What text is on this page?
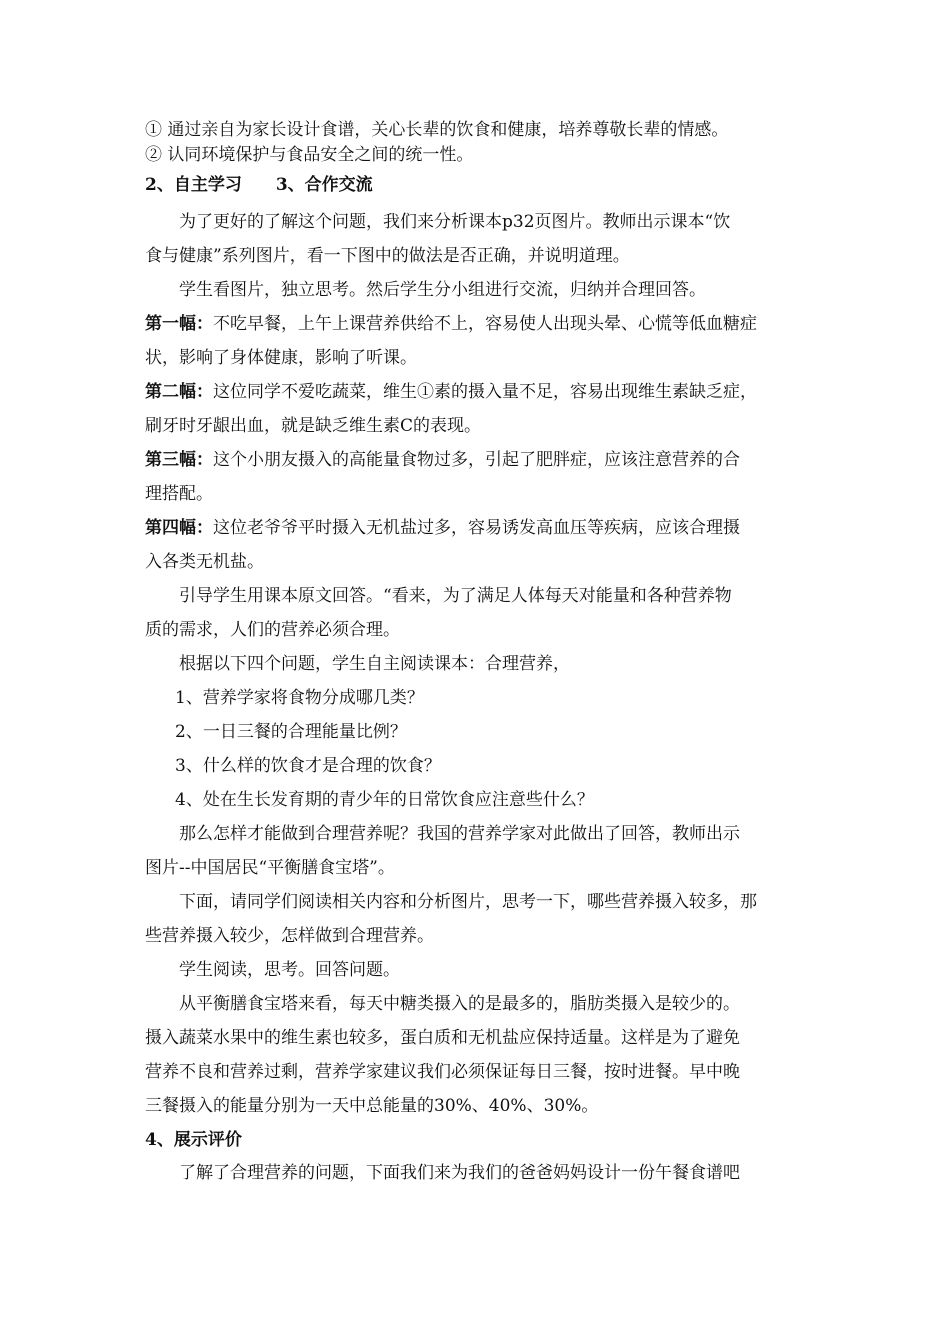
① 通过亲自为家长设计食谱，关心长辈的饮食和健康，培养尊敬长辈的情感。
② 认同环境保护与食品安全之间的统一性。
2、自主学习　　3、合作交流
为了更好的了解这个问题，我们来分析课本p32页图片。教师出示课本“饮
食与健康”系列图片，看一下图中的做法是否正确，并说明道理。
学生看图片，独立思考。然后学生分小组进行交流，归纳并合理回答。
第一幅：不吃早餐，上午上课营养供给不上，容易使人出现头晕、心慌等低血糖症
状，影响了身体健康，影响了听课。
第二幅：这位同学不爱吃蔬菜，维生①素的摄入量不足，容易出现维生素缺乏症，
刷牙时牙龈出血，就是缺乏维生素C的表现。
第三幅：这个小朋友摄入的高能量食物过多，引起了肥胖症，应该注意营养的合
理搭配。
第四幅：这位老爷爷平时摄入无机盐过多，容易诱发高血压等疾病，应该合理摄
入各类无机盐。
引导学生用课本原文回答。“看来，为了满足人体每天对能量和各种营养物
质的需求，人们的营养必须合理。
根据以下四个问题，学生自主阅读课本：合理营养，
1、营养学家将食物分成哪几类？
2、一日三餐的合理能量比例？
3、什么样的饮食才是合理的饮食？
4、处在生长发育期的青少年的日常饮食应注意些什么？
那么怎样才能做到合理营养呢？我国的营养学家对此做出了回答，教师出示
图片--中国居民“平衡膳食宝塔”。
下面，请同学们阅读相关内容和分析图片，思考一下，哪些营养摄入较多，那
些营养摄入较少，怎样做到合理营养。
学生阅读，思考。回答问题。
从平衡膳食宝塔来看，每天中糖类摄入的是最多的，脂肪类摄入是较少的。
摄入蔬菜水果中的维生素也较多，蛋白质和无机盐应保持适量。这样是为了避免
营养不良和营养过剩，营养学家建议我们必须保证每日三餐，按时进餐。早中晚
三餐摄入的能量分别为一天中总能量的30%、40%、30%。
4、展示评价
了解了合理营养的问题，下面我们来为我们的爸爸妈妈设计一份午餐食谱吧
